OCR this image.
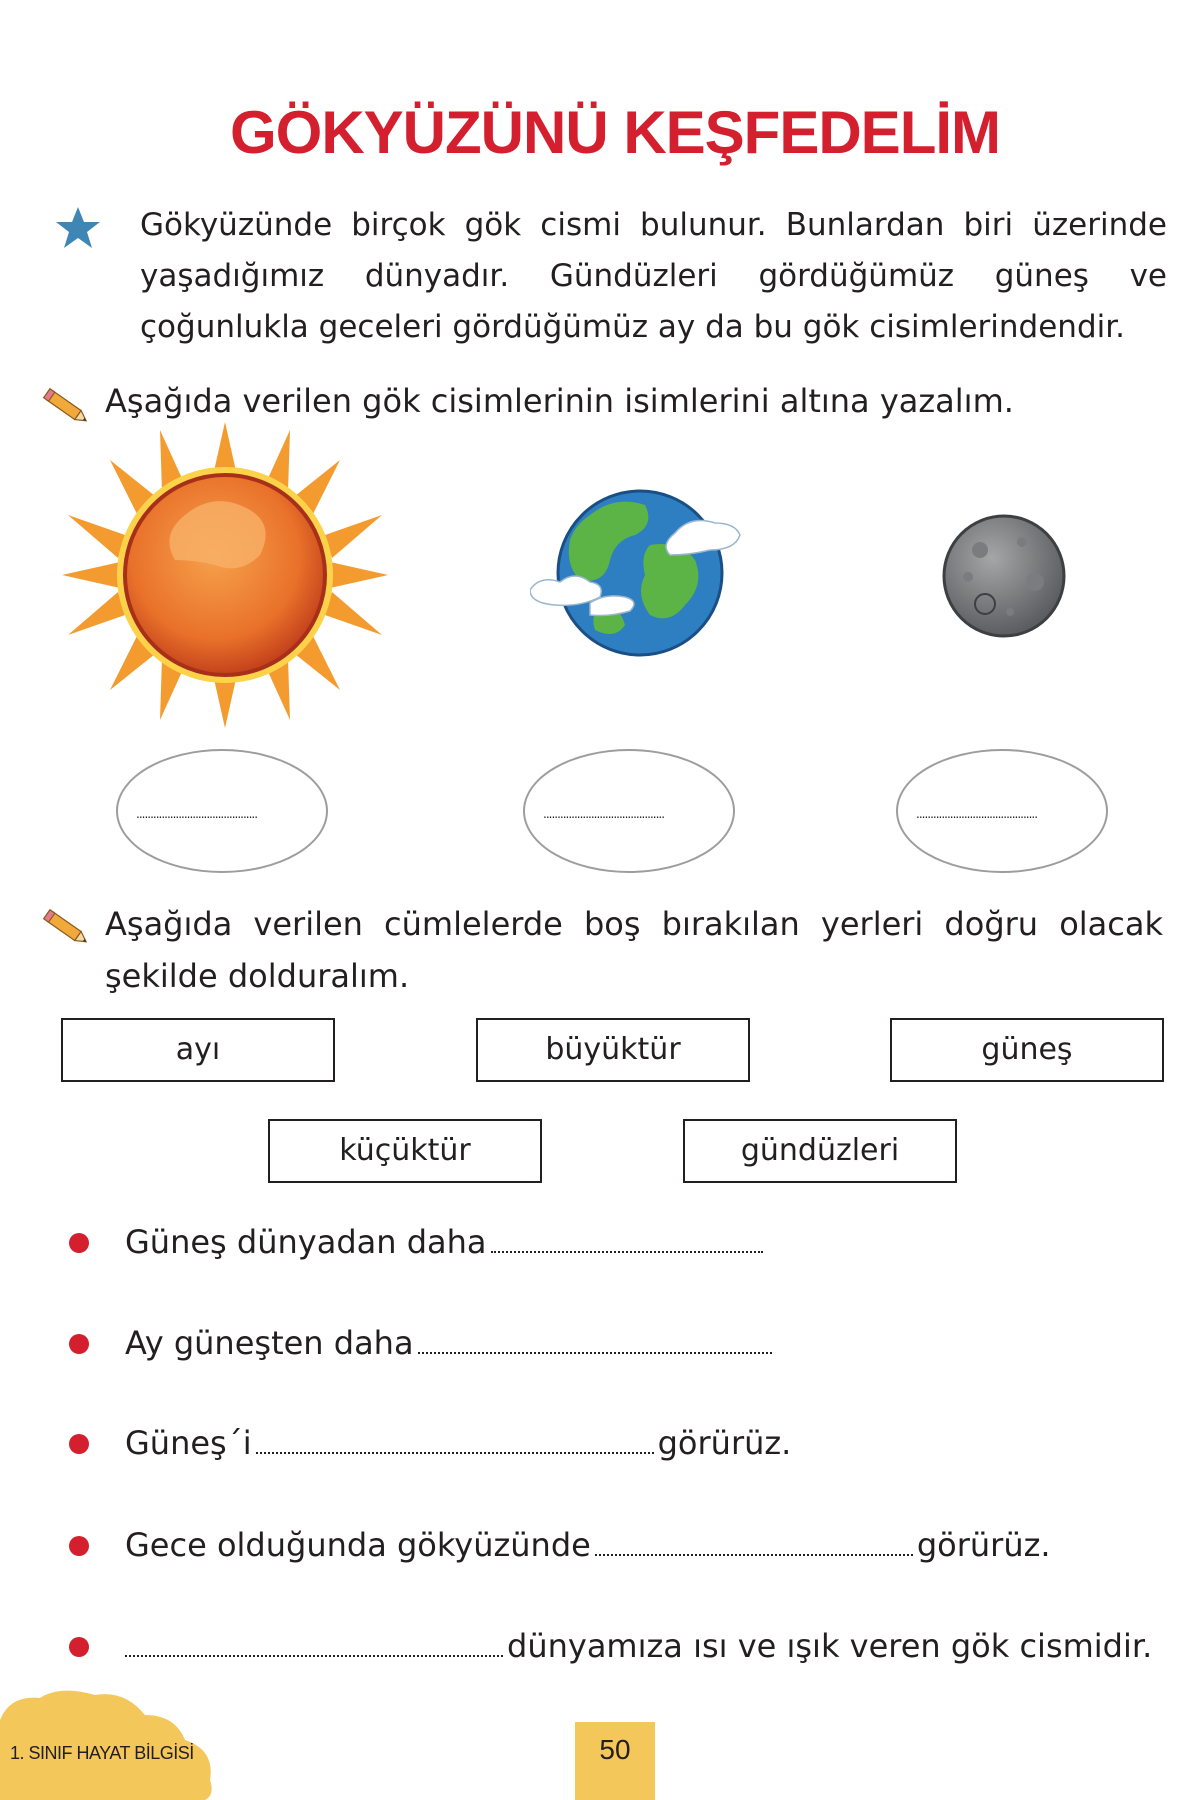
GÖKYÜZÜNÜ KEŞFEDELİM
Gökyüzünde birçok gök cismi bulunur. Bunlardan biri üzerinde yaşadığımız dünyadır. Gündüzleri gördüğümüz güneş ve çoğunlukla geceleri gördüğümüz ay da bu gök cisimlerindendir.
Aşağıda verilen gök cisimlerinin isimlerini altına yazalım.
...........................................	...........................................	...........................................
Aşağıda verilen cümlelerde boş bırakılan yerleri doğru olacak şekilde dolduralım.
ayı	büyüktür	güneş
küçüktür	gündüzleri
Güneş dünyadan daha
Ay güneşten daha
Güneş´i	görürüz.
Gece olduğunda gökyüzünde	görürüz.
dünyamıza ısı ve ışık veren gök cismidir.
1. SINIF HAYAT BİLGİSİ	50
